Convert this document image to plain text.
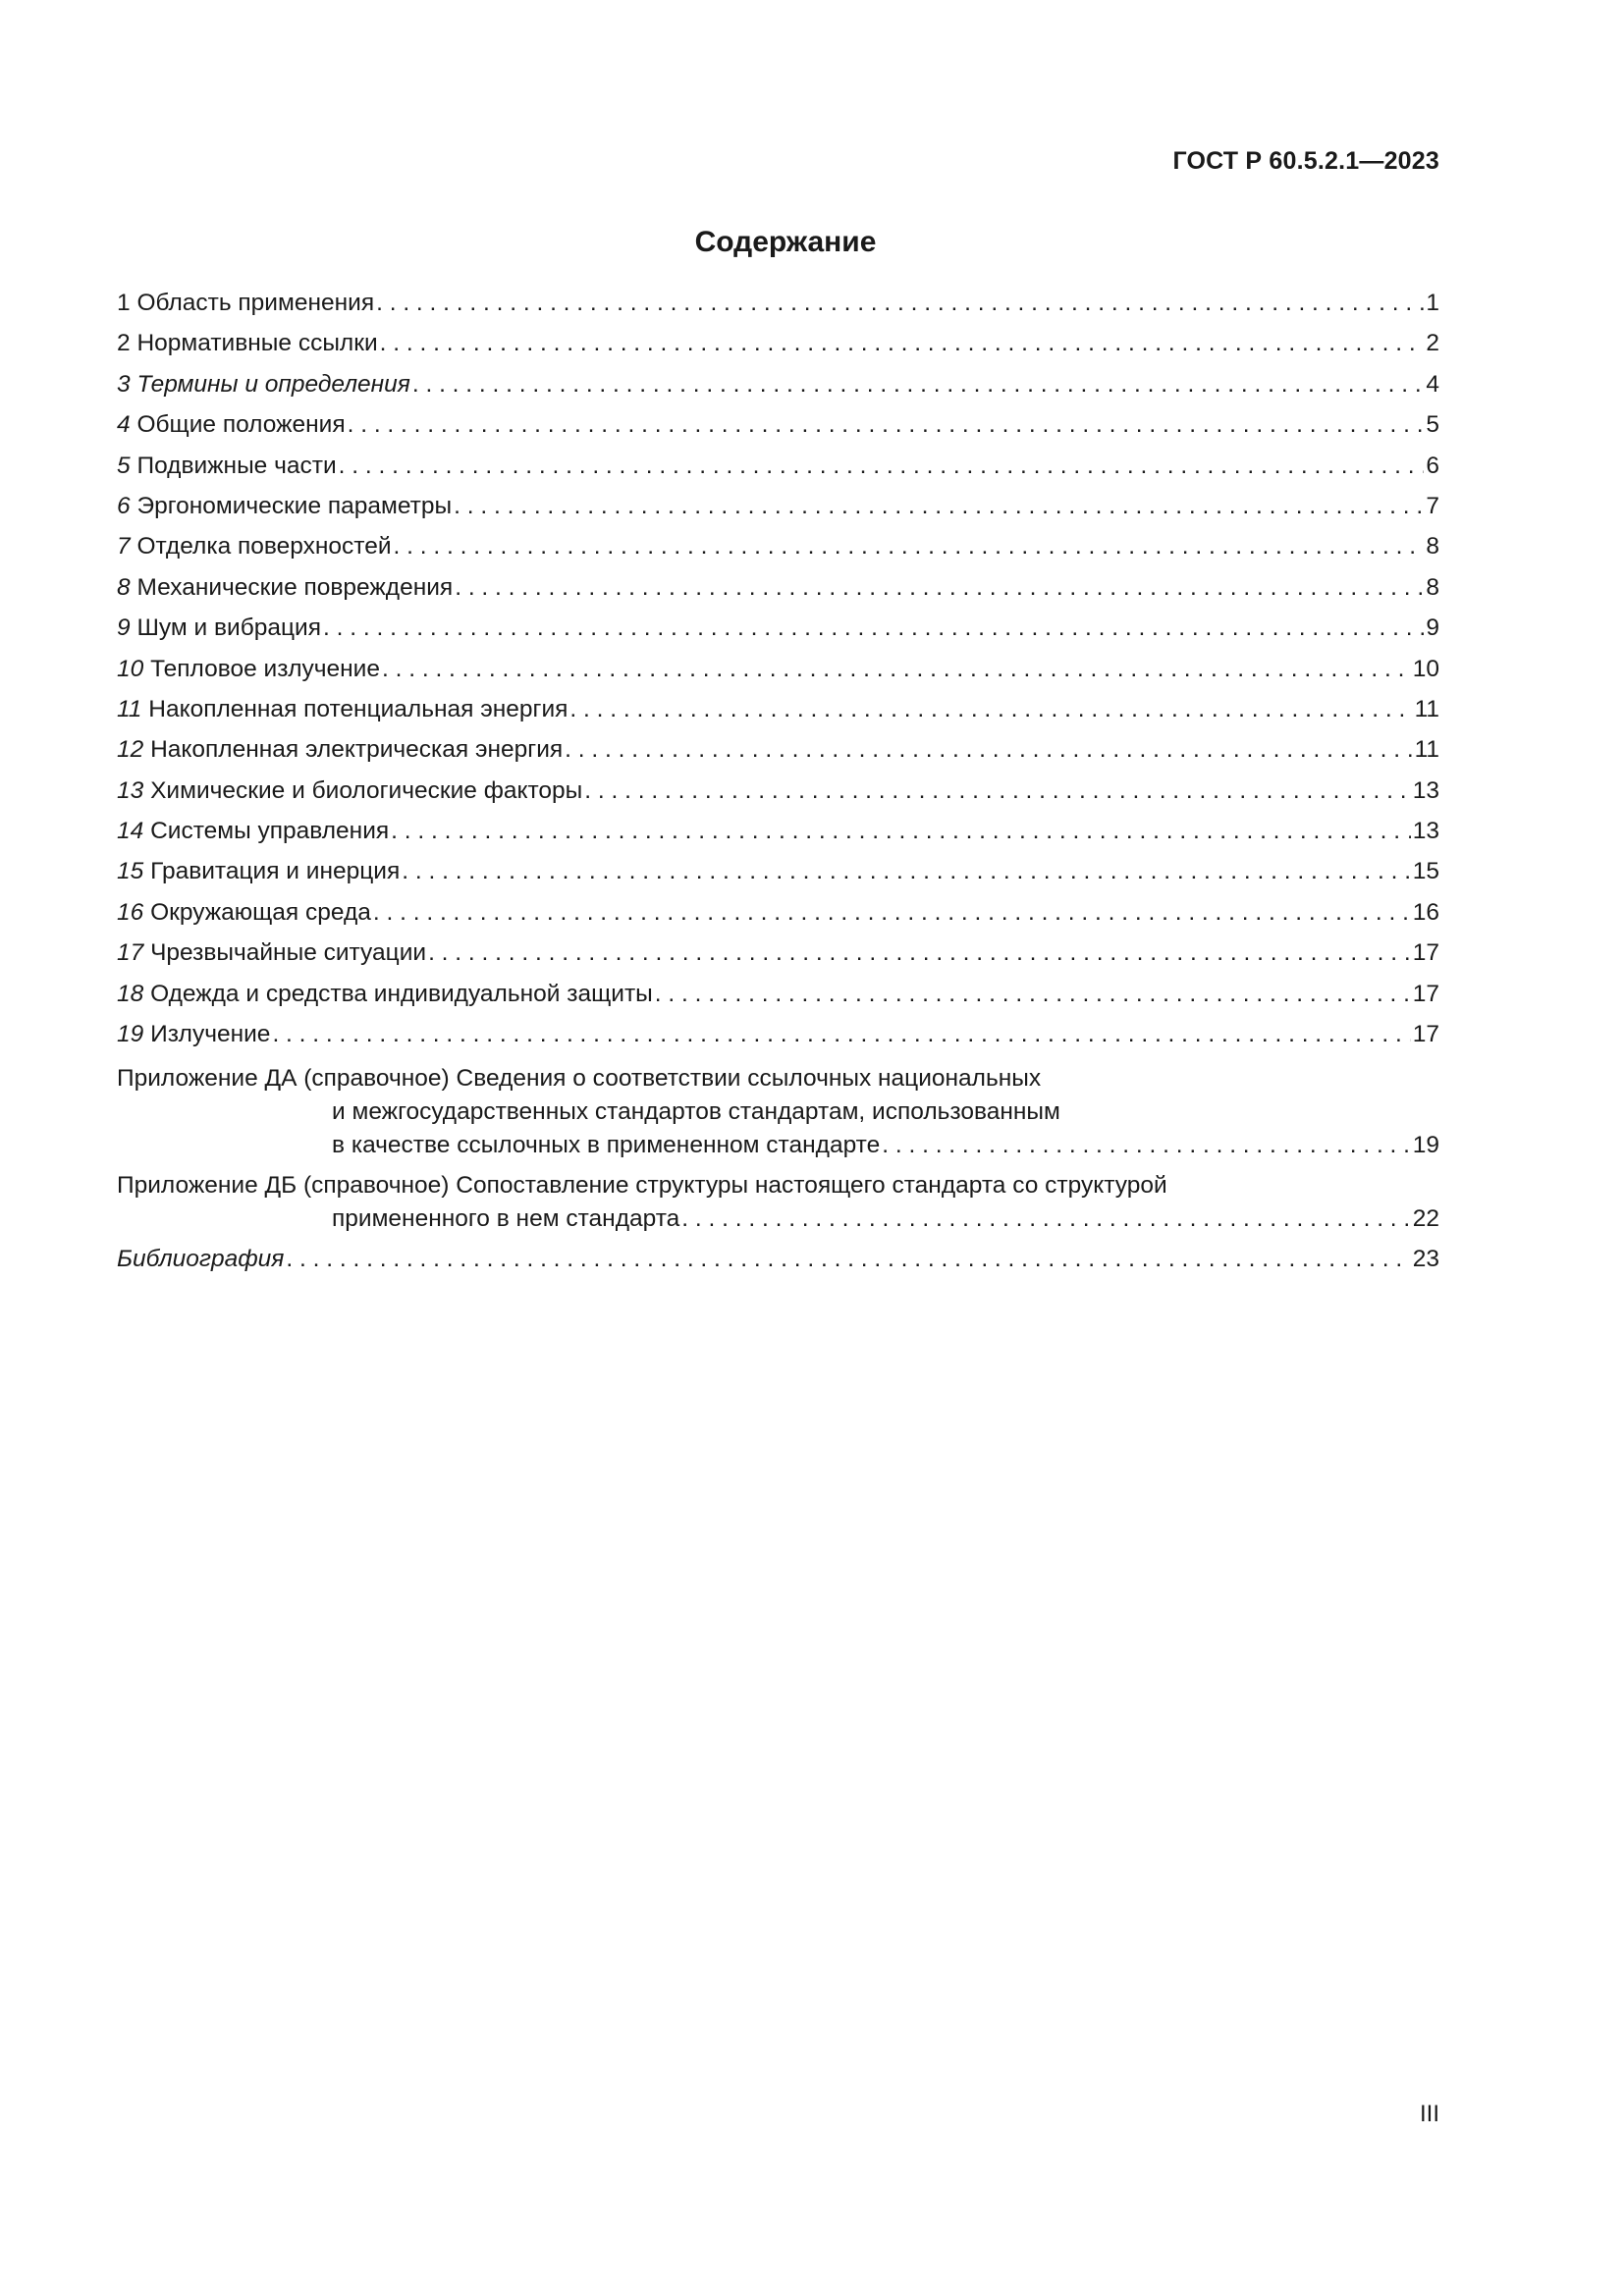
ГОСТ Р 60.5.2.1—2023
Содержание
1 Область применения . . .	1
2 Нормативные ссылки . . .	2
3 Термины и определения . . .	4
4 Общие положения . . .	5
5 Подвижные части . . .	6
6 Эргономические параметры . . .	7
7 Отделка поверхностей . . .	8
8 Механические повреждения . . .	8
9 Шум и вибрация . . .	9
10 Тепловое излучение . . .	10
11 Накопленная потенциальная энергия . . .	11
12 Накопленная электрическая энергия . . .	11
13 Химические и биологические факторы . . .	13
14 Системы управления . . .	13
15 Гравитация и инерция . . .	15
16 Окружающая среда . . .	16
17 Чрезвычайные ситуации . . .	17
18 Одежда и средства индивидуальной защиты . . .	17
19 Излучение . . .	17
Приложение ДА (справочное) Сведения о соответствии ссылочных национальных
и межгосударственных стандартов стандартам, использованным
в качестве ссылочных в примененном стандарте . . .	19
Приложение ДБ (справочное) Сопоставление структуры настоящего стандарта со структурой
примененного в нем стандарта . . .	22
Библиография . . .	23
III
